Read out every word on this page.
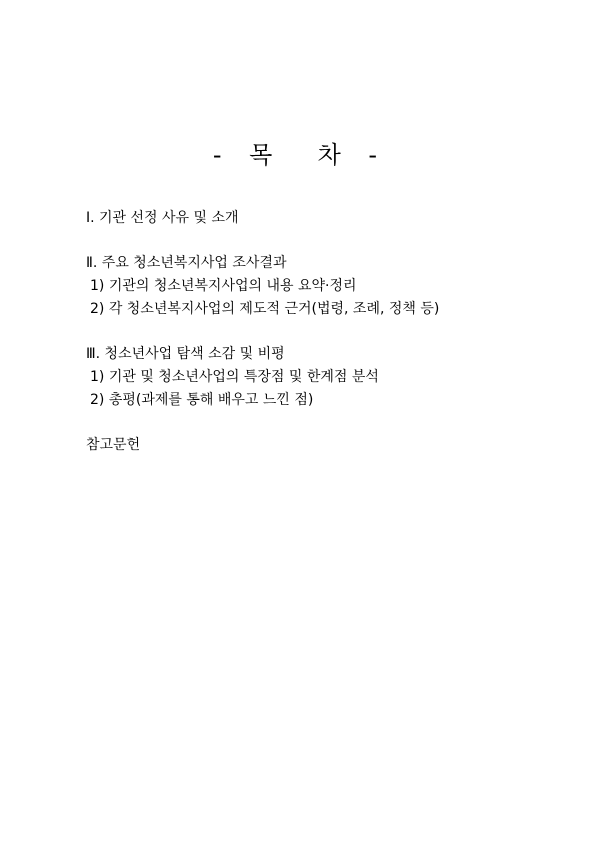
- 목  차 -
Ⅰ. 기관 선정 사유 및 소개
Ⅱ. 주요 청소년복지사업 조사결과
1) 기관의 청소년복지사업의 내용 요약·정리
2) 각 청소년복지사업의 제도적 근거(법령, 조례, 정책 등)
Ⅲ. 청소년사업 탐색 소감 및 비평
1) 기관 및 청소년사업의 특장점 및 한계점 분석
2) 총평(과제를 통해 배우고 느낀 점)
참고문헌
